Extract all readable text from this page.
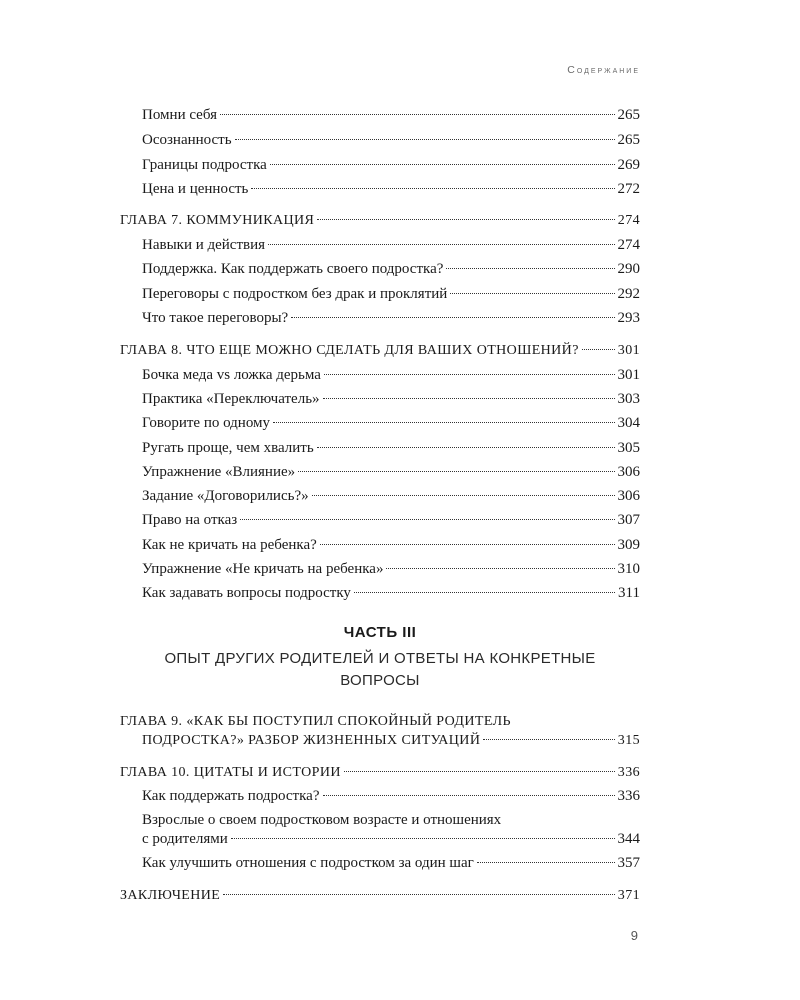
Содержание
Помни себя	265
Осознанность	265
Границы подростка	269
Цена и ценность	272
ГЛАВА 7. КОММУНИКАЦИЯ	274
Навыки и действия	274
Поддержка. Как поддержать своего подростка?	290
Переговоры с подростком без драк и проклятий	292
Что такое переговоры?	293
ГЛАВА 8. ЧТО ЕЩЕ МОЖНО СДЕЛАТЬ ДЛЯ ВАШИХ ОТНОШЕНИЙ?	301
Бочка меда vs ложка дерьма	301
Практика «Переключатель»	303
Говорите по одному	304
Ругать проще, чем хвалить	305
Упражнение «Влияние»	306
Задание «Договорились?»	306
Право на отказ	307
Как не кричать на ребенка?	309
Упражнение «Не кричать на ребенка»	310
Как задавать вопросы подростку	311
ЧАСТЬ III
ОПЫТ ДРУГИХ РОДИТЕЛЕЙ И ОТВЕТЫ НА КОНКРЕТНЫЕ
ВОПРОСЫ
ГЛАВА 9. «КАК БЫ ПОСТУПИЛ СПОКОЙНЫЙ РОДИТЕЛЬ
ПОДРОСТКА?» РАЗБОР ЖИЗНЕННЫХ СИТУАЦИЙ	315
ГЛАВА 10. ЦИТАТЫ И ИСТОРИИ	336
Как поддержать подростка?	336
Взрослые о своем подростковом возрасте и отношениях
с родителями	344
Как улучшить отношения с подростком за один шаг	357
ЗАКЛЮЧЕНИЕ	371
9
